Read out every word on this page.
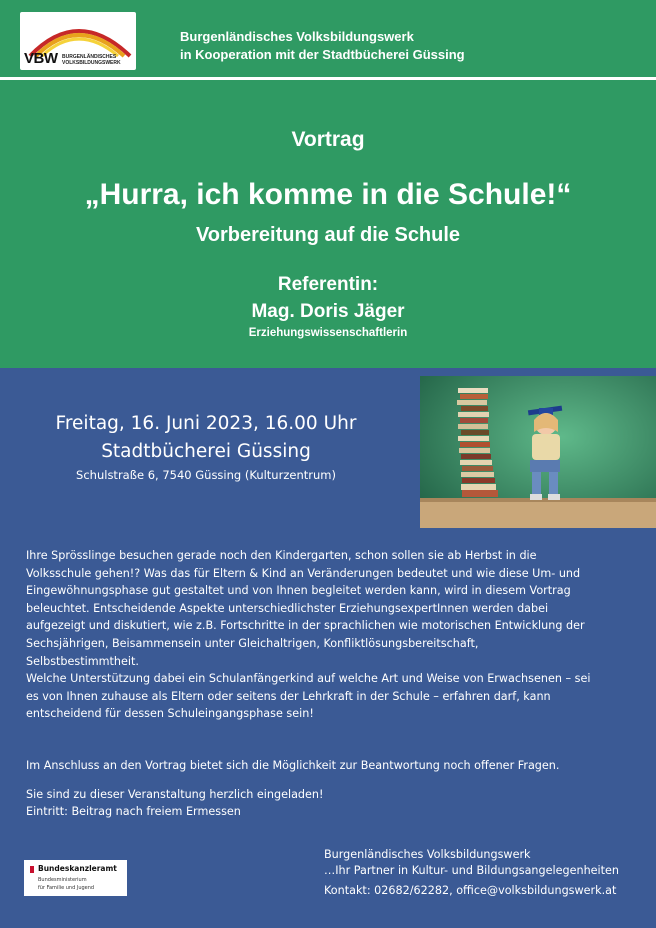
VBW BURGENLÄNDISCHES
VOLKSBILDUNGSWERK
Burgenländisches Volksbildungswerk
in Kooperation mit der Stadtbücherei Güssing
Vortrag
„Hurra, ich komme in die Schule!“
Vorbereitung auf die Schule
Referentin:
Mag. Doris Jäger
Erziehungswissenschaftlerin
Freitag, 16. Juni 2023, 16.00 Uhr
Stadtbücherei Güssing
Schulstraße 6, 7540 Güssing (Kulturzentrum)
Ihre Sprösslinge besuchen gerade noch den Kindergarten, schon sollen sie ab Herbst in die
Volksschule gehen!? Was das für Eltern & Kind an Veränderungen bedeutet und wie diese Um- und
Eingewöhnungsphase gut gestaltet und von Ihnen begleitet werden kann, wird in diesem Vortrag
beleuchtet. Entscheidende Aspekte unterschiedlichster ErziehungsexpertInnen werden dabei
aufgezeigt und diskutiert, wie z.B. Fortschritte in der sprachlichen wie motorischen Entwicklung der
Sechsjährigen, Beisammensein unter Gleichaltrigen, Konfliktlösungsbereitschaft,
Selbstbestimmtheit.
Welche Unterstützung dabei ein Schulanfängerkind auf welche Art und Weise von Erwachsenen – sei
es von Ihnen zuhause als Eltern oder seitens der Lehrkraft in der Schule – erfahren darf, kann
entscheidend für dessen Schuleingangsphase sein!
Im Anschluss an den Vortrag bietet sich die Möglichkeit zur Beantwortung noch offener Fragen.
Sie sind zu dieser Veranstaltung herzlich eingeladen!
Eintritt: Beitrag nach freiem Ermessen
Bundeskanzleramt
Bundesministerium
für Familie und Jugend
Burgenländisches Volksbildungswerk
…Ihr Partner in Kultur- und Bildungsangelegenheiten
Kontakt: 02682/62282, office@volksbildungswerk.at
